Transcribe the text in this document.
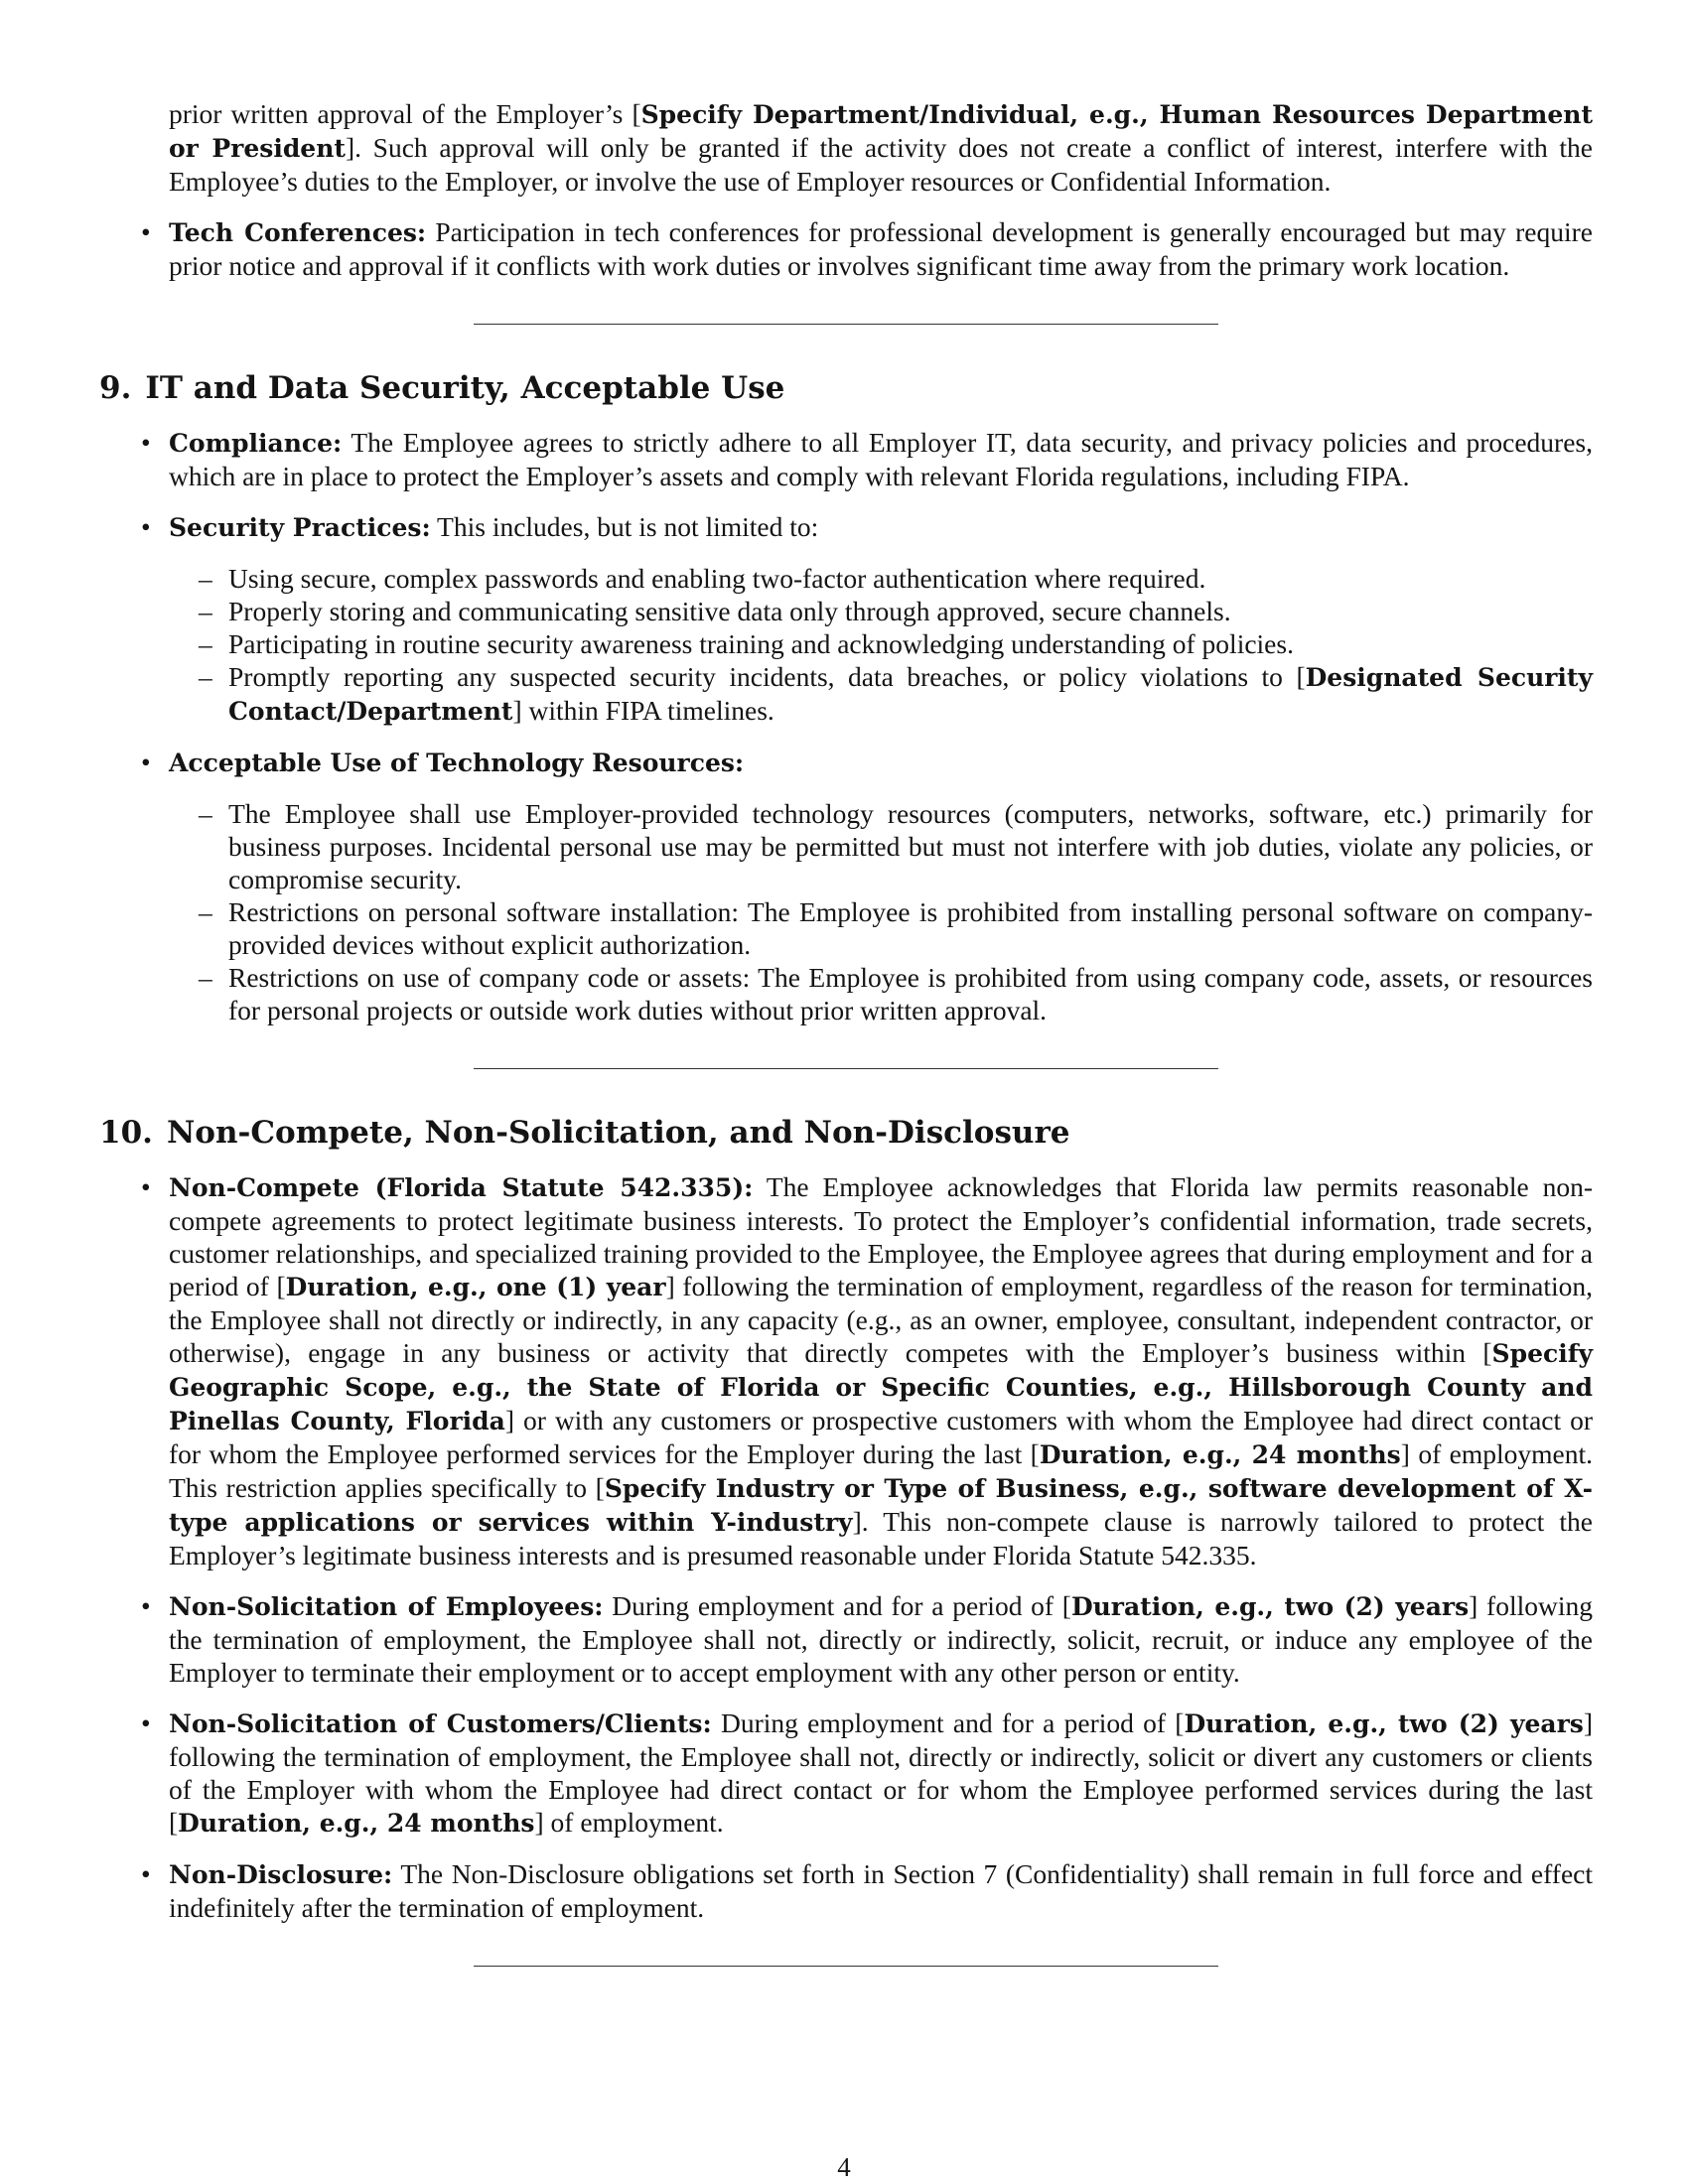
prior written approval of the Employer’s [Specify Department/Individual, e.g., Human Resources Department or President]. Such approval will only be granted if the activity does not create a conflict of interest, interfere with the Employee’s duties to the Employer, or involve the use of Employer resources or Confidential Information.

• Tech Conferences: Participation in tech conferences for professional development is generally encouraged but may require prior notice and approval if it conflicts with work duties or involves significant time away from the primary work location.
9. IT and Data Security, Acceptable Use
• Compliance: The Employee agrees to strictly adhere to all Employer IT, data security, and privacy policies and procedures, which are in place to protect the Employer’s assets and comply with relevant Florida regulations, including FIPA.
• Security Practices: This includes, but is not limited to:
– Using secure, complex passwords and enabling two-factor authentication where required.
– Properly storing and communicating sensitive data only through approved, secure channels.
– Participating in routine security awareness training and acknowledging understanding of policies.
– Promptly reporting any suspected security incidents, data breaches, or policy violations to [Designated Security Contact/Department] within FIPA timelines.
• Acceptable Use of Technology Resources:
– The Employee shall use Employer-provided technology resources (computers, networks, software, etc.) primarily for business purposes. Incidental personal use may be permitted but must not interfere with job duties, violate any policies, or compromise security.
– Restrictions on personal software installation: The Employee is prohibited from installing personal software on company-provided devices without explicit authorization.
– Restrictions on use of company code or assets: The Employee is prohibited from using company code, assets, or resources for personal projects or outside work duties without prior written approval.
10. Non-Compete, Non-Solicitation, and Non-Disclosure
• Non-Compete (Florida Statute 542.335): The Employee acknowledges that Florida law permits reasonable non-compete agreements to protect legitimate business interests. To protect the Employer’s confidential information, trade secrets, customer relationships, and specialized training provided to the Employee, the Employee agrees that during employment and for a period of [Duration, e.g., one (1) year] following the termination of employment, regardless of the reason for termination, the Employee shall not directly or indirectly, in any capacity (e.g., as an owner, employee, consultant, independent contractor, or otherwise), engage in any business or activity that directly competes with the Employer’s business within [Specify Geographic Scope, e.g., the State of Florida or Specific Counties, e.g., Hillsborough County and Pinellas County, Florida] or with any customers or prospective customers with whom the Employee had direct contact or for whom the Employee performed services for the Employer during the last [Duration, e.g., 24 months] of employment. This restriction applies specifically to [Specify Industry or Type of Business, e.g., software development of X-type applications or services within Y-industry]. This non-compete clause is narrowly tailored to protect the Employer’s legitimate business interests and is presumed reasonable under Florida Statute 542.335.
• Non-Solicitation of Employees: During employment and for a period of [Duration, e.g., two (2) years] following the termination of employment, the Employee shall not, directly or indirectly, solicit, recruit, or induce any employee of the Employer to terminate their employment or to accept employment with any other person or entity.
• Non-Solicitation of Customers/Clients: During employment and for a period of [Duration, e.g., two (2) years] following the termination of employment, the Employee shall not, directly or indirectly, solicit or divert any customers or clients of the Employer with whom the Employee had direct contact or for whom the Employee performed services during the last [Duration, e.g., 24 months] of employment.
• Non-Disclosure: The Non-Disclosure obligations set forth in Section 7 (Confidentiality) shall remain in full force and effect indefinitely after the termination of employment.
4
